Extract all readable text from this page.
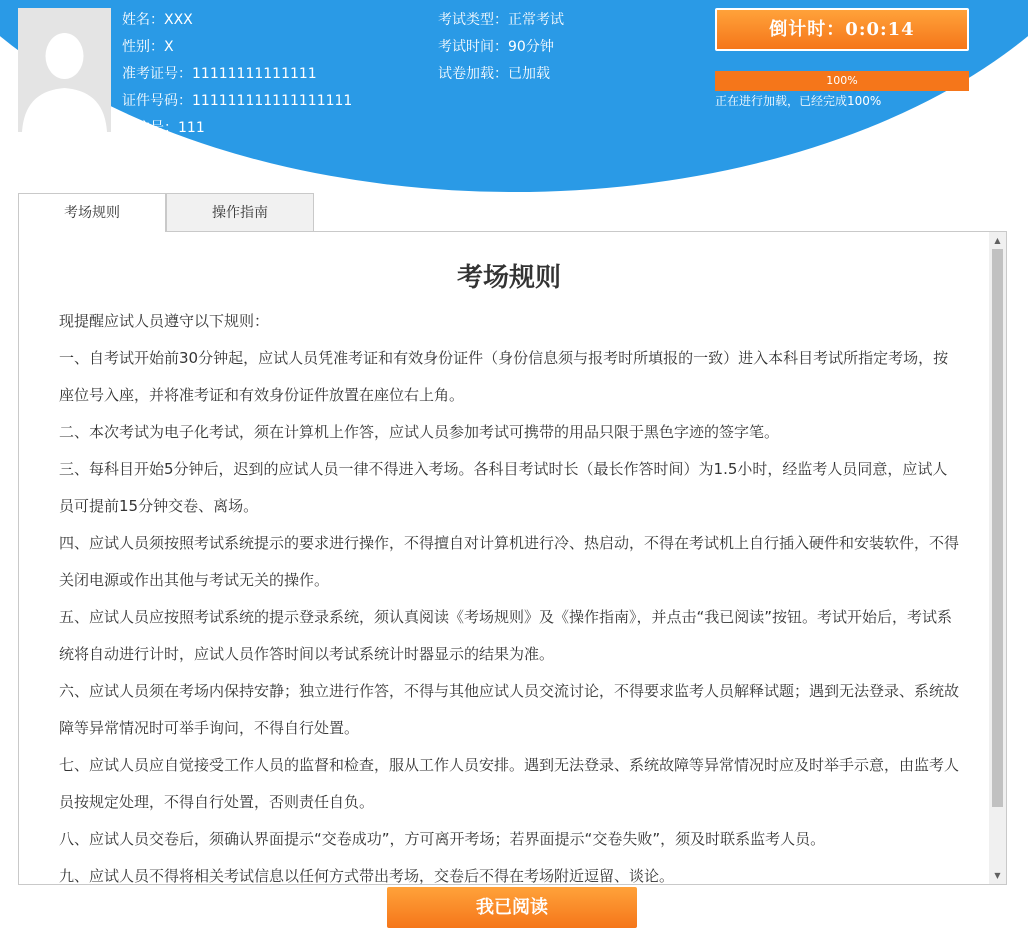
姓名：XXX
性别：X
准考证号：11111111111111
证件号码：111111111111111111
机位号：111
考试类型：正常考试
考试时间：90分钟
试卷加载：已加载
倒计时：0:0:14
100%
正在进行加载，已经完成100%
考场规则	操作指南
考场规则

现提醒应试人员遵守以下规则：

一、自考试开始前30分钟起，应试人员凭准考证和有效身份证件（身份信息须与报考时所填报的一致）进入本科目考试所指定考场，按座位号入座，并将准考证和有效身份证件放置在座位右上角。

二、本次考试为电子化考试，须在计算机上作答，应试人员参加考试可携带的用品只限于黑色字迹的签字笔。

三、每科目开始5分钟后，迟到的应试人员一律不得进入考场。各科目考试时长（最长作答时间）为1.5小时，经监考人员同意，应试人员可提前15分钟交卷、离场。

四、应试人员须按照考试系统提示的要求进行操作，不得擅自对计算机进行冷、热启动，不得在考试机上自行插入硬件和安装软件，不得关闭电源或作出其他与考试无关的操作。

五、应试人员应按照考试系统的提示登录系统，须认真阅读《考场规则》及《操作指南》，并点击“我已阅读”按钮。考试开始后，考试系统将自动进行计时，应试人员作答时间以考试系统计时器显示的结果为准。

六、应试人员须在考场内保持安静；独立进行作答，不得与其他应试人员交流讨论，不得要求监考人员解释试题；遇到无法登录、系统故障等异常情况时可举手询问，不得自行处置。

七、应试人员应自觉接受工作人员的监督和检查，服从工作人员安排。遇到无法登录、系统故障等异常情况时应及时举手示意，由监考人员按规定处理，不得自行处置，否则责任自负。

八、应试人员交卷后，须确认界面提示“交卷成功”，方可离开考场；若界面提示“交卷失败”，须及时联系监考人员。

九、应试人员不得将相关考试信息以任何方式带出考场，交卷后不得在考场附近逗留、谈论。

▲
▼
我已阅读
